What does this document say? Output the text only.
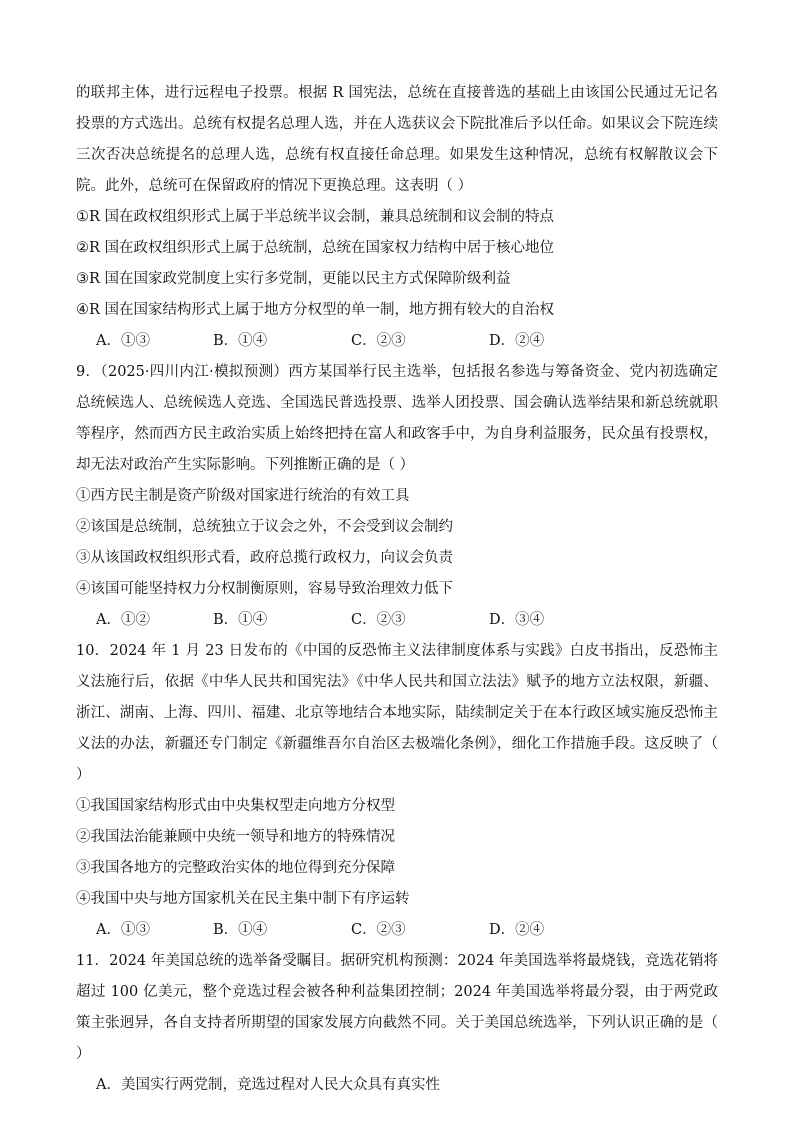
的联邦主体，进行远程电子投票。根据 R 国宪法，总统在直接普选的基础上由该国公民通过无记名投票的方式选出。总统有权提名总理人选，并在人选获议会下院批准后予以任命。如果议会下院连续三次否决总统提名的总理人选，总统有权直接任命总理。如果发生这种情况，总统有权解散议会下院。此外，总统可在保留政府的情况下更换总理。这表明（ ）

①R 国在政权组织形式上属于半总统半议会制，兼具总统制和议会制的特点

②R 国在政权组织形式上属于总统制，总统在国家权力结构中居于核心地位

③R 国在国家政党制度上实行多党制，更能以民主方式保障阶级利益

④R 国在国家结构形式上属于地方分权型的单一制，地方拥有较大的自治权

A．①③	B．①④	C．②③	D．②④

9．（2025·四川内江·模拟预测）西方某国举行民主选举，包括报名参选与筹备资金、党内初选确定总统候选人、总统候选人竞选、全国选民普选投票、选举人团投票、国会确认选举结果和新总统就职等程序，然而西方民主政治实质上始终把持在富人和政客手中，为自身利益服务，民众虽有投票权，却无法对政治产生实际影响。下列推断正确的是（ ）

①西方民主制是资产阶级对国家进行统治的有效工具

②该国是总统制，总统独立于议会之外，不会受到议会制约

③从该国政权组织形式看，政府总揽行政权力，向议会负责

④该国可能坚持权力分权制衡原则，容易导致治理效力低下

A．①②	B．①④	C．②③	D．③④

10．2024 年 1 月 23 日发布的《中国的反恐怖主义法律制度体系与实践》白皮书指出，反恐怖主义法施行后，依据《中华人民共和国宪法》《中华人民共和国立法法》赋予的地方立法权限，新疆、浙江、湖南、上海、四川、福建、北京等地结合本地实际，陆续制定关于在本行政区域实施反恐怖主义法的办法，新疆还专门制定《新疆维吾尔自治区去极端化条例》，细化工作措施手段。这反映了（ ）

①我国国家结构形式由中央集权型走向地方分权型

②我国法治能兼顾中央统一领导和地方的特殊情况

③我国各地方的完整政治实体的地位得到充分保障

④我国中央与地方国家机关在民主集中制下有序运转

A．①③	B．①④	C．②③	D．②④

11．2024 年美国总统的选举备受瞩目。据研究机构预测：2024 年美国选举将最烧钱，竞选花销将超过 100 亿美元，整个竞选过程会被各种利益集团控制；2024 年美国选举将最分裂，由于两党政策主张迥异，各自支持者所期望的国家发展方向截然不同。关于美国总统选举，下列认识正确的是（ ）

A．美国实行两党制，竞选过程对人民大众具有真实性
